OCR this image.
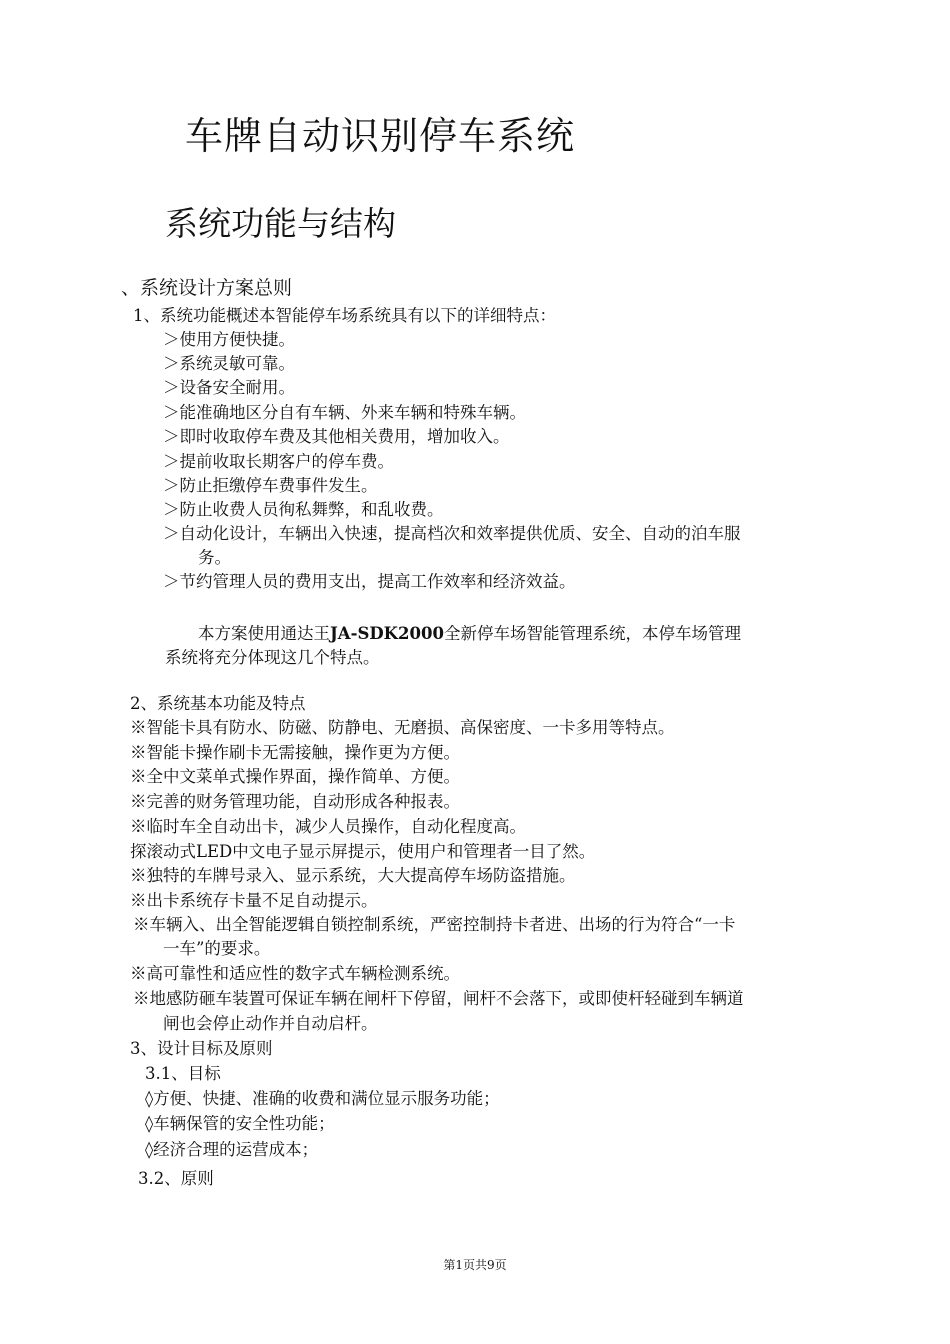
车牌自动识别停车系统
系统功能与结构
、系统设计方案总则
1、系统功能概述本智能停车场系统具有以下的详细特点：
＞使用方便快捷。
＞系统灵敏可靠。
＞设备安全耐用。
＞能准确地区分自有车辆、外来车辆和特殊车辆。
＞即时收取停车费及其他相关费用，增加收入。
＞提前收取长期客户的停车费。
＞防止拒缴停车费事件发生。
＞防止收费人员徇私舞弊，和乱收费。
＞自动化设计，车辆出入快速，提高档次和效率提供优质、安全、自动的泊车服
务。
＞节约管理人员的费用支出，提高工作效率和经济效益。
本方案使用通达王JA-SDK2000全新停车场智能管理系统，本停车场管理
系统将充分体现这几个特点。
2、系统基本功能及特点
※智能卡具有防水、防磁、防静电、无磨损、高保密度、一卡多用等特点。
※智能卡操作刷卡无需接触，操作更为方便。
※全中文菜单式操作界面，操作简单、方便。
※完善的财务管理功能，自动形成各种报表。
※临时车全自动出卡，减少人员操作，自动化程度高。
探滚动式LED中文电子显示屏提示，使用户和管理者一目了然。
※独特的车牌号录入、显示系统，大大提高停车场防盗措施。
※出卡系统存卡量不足自动提示。
※车辆入、出全智能逻辑自锁控制系统，严密控制持卡者进、出场的行为符合“一卡
一车”的要求。
※高可靠性和适应性的数字式车辆检测系统。
※地感防砸车装置可保证车辆在闸杆下停留，闸杆不会落下，或即使杆轻碰到车辆道
闸也会停止动作并自动启杆。
3、设计目标及原则
3.1、目标
◊方便、快捷、准确的收费和满位显示服务功能；
◊车辆保管的安全性功能；
◊经济合理的运营成本；
3.2、原则
第1页共9页
